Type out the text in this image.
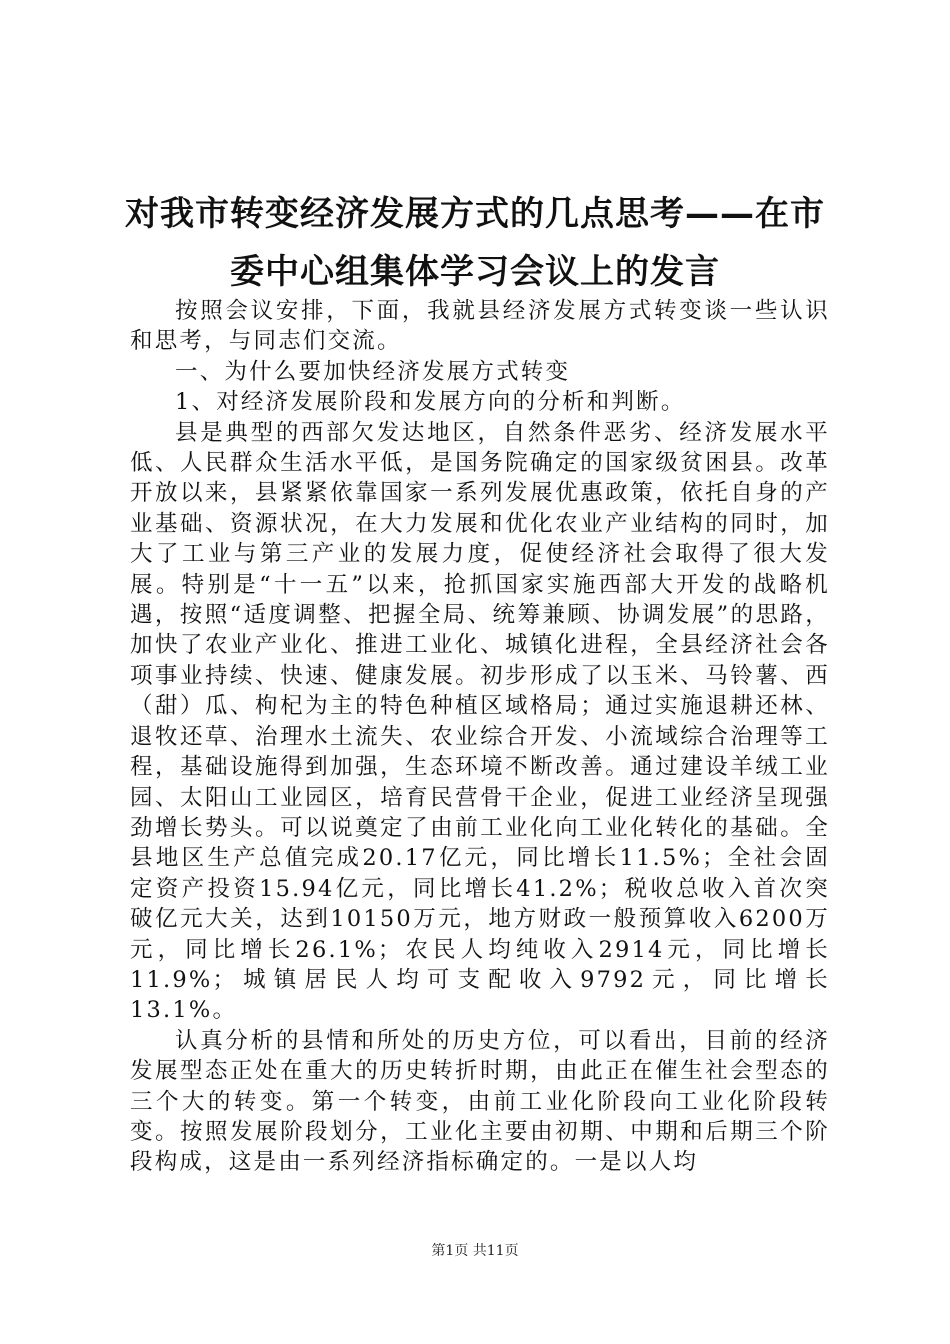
对我市转变经济发展方式的几点思考——在市委中心组集体学习会议上的发言

按照会议安排，下面，我就县经济发展方式转变谈一些认识和思考，与同志们交流。

一、为什么要加快经济发展方式转变

1、对经济发展阶段和发展方向的分析和判断。

县是典型的西部欠发达地区，自然条件恶劣、经济发展水平低、人民群众生活水平低，是国务院确定的国家级贫困县。改革开放以来，县紧紧依靠国家一系列发展优惠政策，依托自身的产业基础、资源状况，在大力发展和优化农业产业结构的同时，加大了工业与第三产业的发展力度，促使经济社会取得了很大发展。特别是“十一五”以来，抢抓国家实施西部大开发的战略机遇，按照“适度调整、把握全局、统筹兼顾、协调发展”的思路，加快了农业产业化、推进工业化、城镇化进程，全县经济社会各项事业持续、快速、健康发展。初步形成了以玉米、马铃薯、西（甜）瓜、枸杞为主的特色种植区域格局；通过实施退耕还林、退牧还草、治理水土流失、农业综合开发、小流域综合治理等工程，基础设施得到加强，生态环境不断改善。通过建设羊绒工业园、太阳山工业园区，培育民营骨干企业，促进工业经济呈现强劲增长势头。可以说奠定了由前工业化向工业化转化的基础。全县地区生产总值完成20.17亿元，同比增长11.5%；全社会固定资产投资15.94亿元，同比增长41.2%；税收总收入首次突破亿元大关，达到10150万元，地方财政一般预算收入6200万元，同比增长26.1%；农民人均纯收入2914元，同比增长11.9%；城镇居民人均可支配收入9792元，同比增长13.1%。

认真分析的县情和所处的历史方位，可以看出，目前的经济发展型态正处在重大的历史转折时期，由此正在催生社会型态的三个大的转变。第一个转变，由前工业化阶段向工业化阶段转变。按照发展阶段划分，工业化主要由初期、中期和后期三个阶段构成，这是由一系列经济指标确定的。一是以人均

第1页 共11页
